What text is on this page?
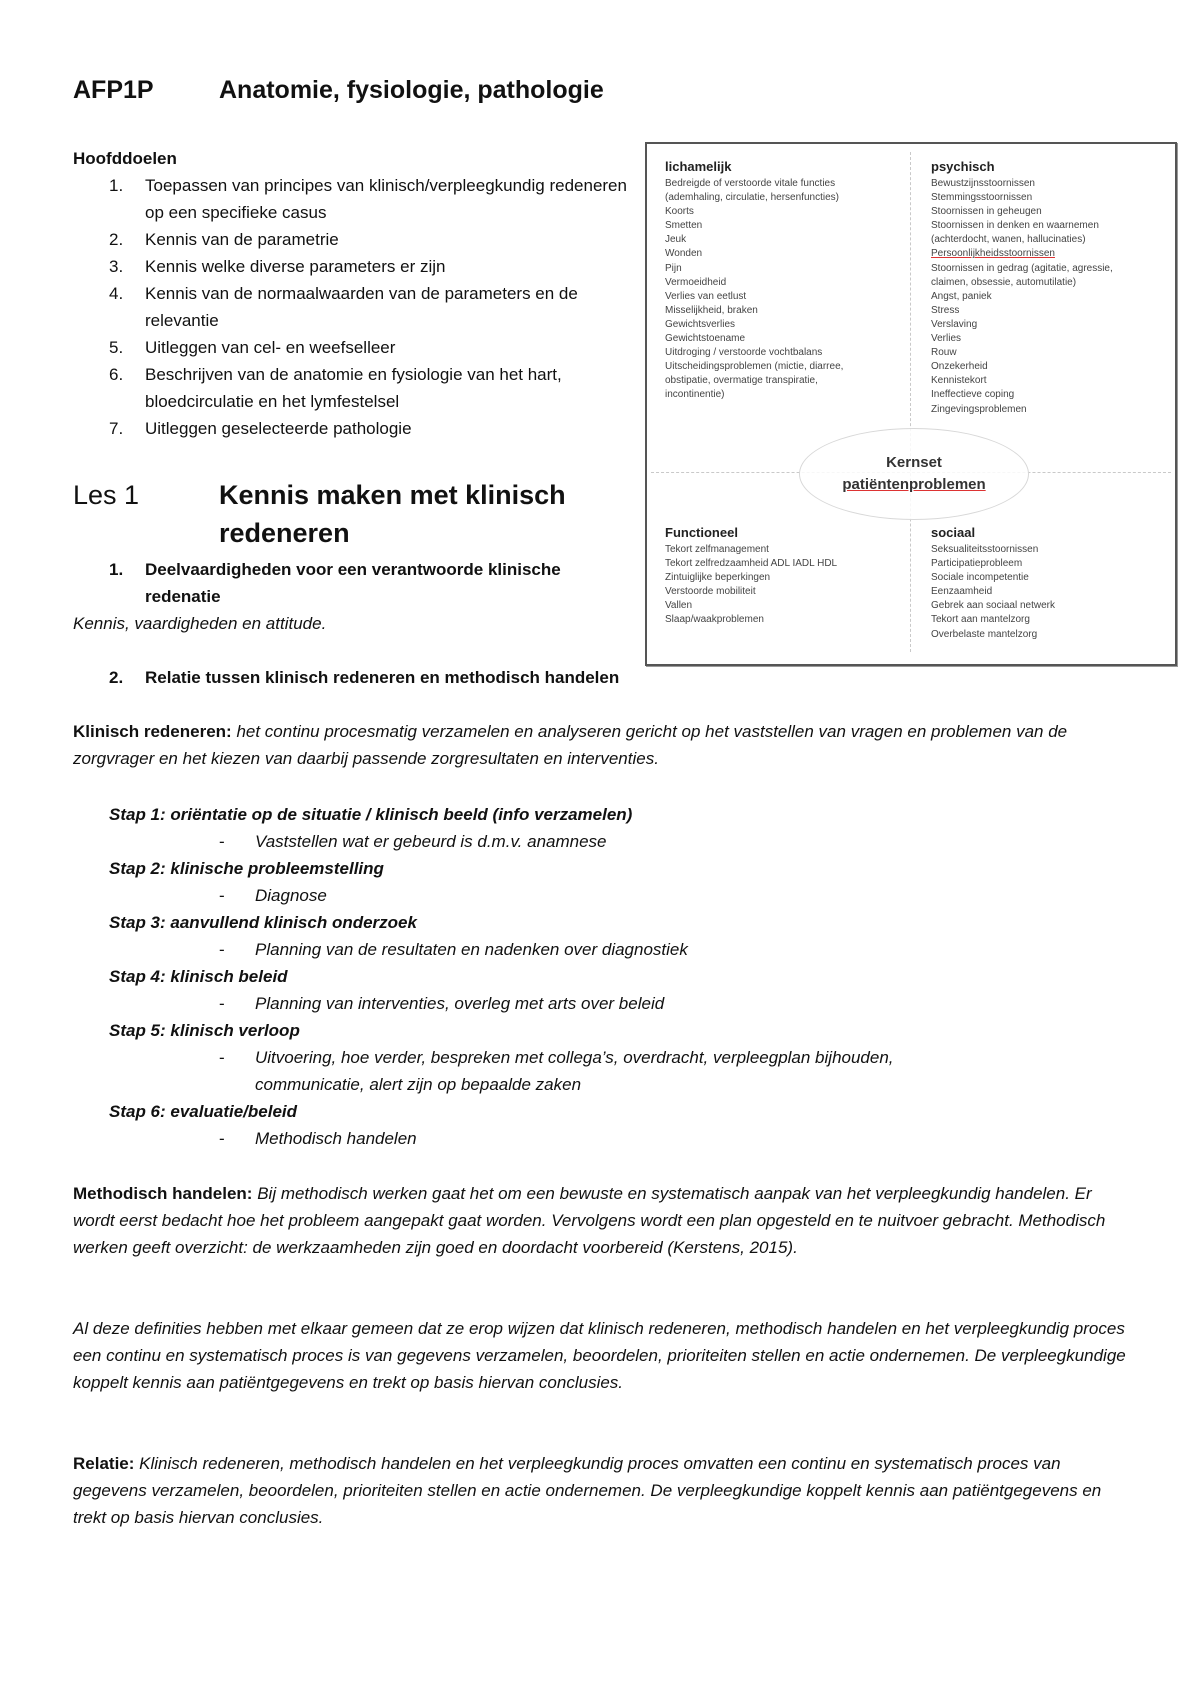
AFP1P	Anatomie, fysiologie, pathologie
Hoofddoelen
1. Toepassen van principes van klinisch/verpleegkundig redeneren op een specifieke casus
2. Kennis van de parametrie
3. Kennis welke diverse parameters er zijn
4. Kennis van de normaalwaarden van de parameters en de relevantie
5. Uitleggen van cel- en weefselleer
6. Beschrijven van de anatomie en fysiologie van het hart, bloedcirculatie en het lymfestelsel
7. Uitleggen geselecteerde pathologie
lichamelijk
Bedreigde of verstoorde vitale functies
(ademhaling, circulatie, hersenfuncties)
Koorts
Smetten
Jeuk
Wonden
Pijn
Vermoeidheid
Verlies van eetlust
Misselijkheid, braken
Gewichtsverlies
Gewichtstoename
Uitdroging / verstoorde vochtbalans
Uitscheidingsproblemen (mictie, diarree,
obstipatie, overmatige transpiratie,
incontinentie)
psychisch
Bewustzijnsstoornissen
Stemmingsstoornissen
Stoornissen in geheugen
Stoornissen in denken en waarnemen
(achterdocht, wanen, hallucinaties)
Persoonlijkheidsstoornissen
Stoornissen in gedrag (agitatie, agressie,
claimen, obsessie, automutilatie)
Angst, paniek
Stress
Verslaving
Verlies
Rouw
Onzekerheid
Kennistekort
Ineffectieve coping
Zingevingsproblemen
Kernset
patiëntenproblemen
Functioneel
Tekort zelfmanagement
Tekort zelfredzaamheid ADL IADL HDL
Zintuiglijke beperkingen
Verstoorde mobiliteit
Vallen
Slaap/waakproblemen
sociaal
Seksualiteitsstoornissen
Participatieprobleem
Sociale incompetentie
Eenzaamheid
Gebrek aan sociaal netwerk
Tekort aan mantelzorg
Overbelaste mantelzorg
Les 1	Kennis maken met klinisch redeneren
1.	Deelvaardigheden voor een verantwoorde klinische redenatie
Kennis, vaardigheden en attitude.
2.	Relatie tussen klinisch redeneren en methodisch handelen
Klinisch redeneren: het continu procesmatig verzamelen en analyseren gericht op het vaststellen van vragen en problemen van de zorgvrager en het kiezen van daarbij passende zorgresultaten en interventies.
Stap 1: oriëntatie op de situatie / klinisch beeld (info verzamelen)
- Vaststellen wat er gebeurd is d.m.v. anamnese
Stap 2: klinische probleemstelling
- Diagnose
Stap 3: aanvullend klinisch onderzoek
- Planning van de resultaten en nadenken over diagnostiek
Stap 4: klinisch beleid
- Planning van interventies, overleg met arts over beleid
Stap 5: klinisch verloop
- Uitvoering, hoe verder, bespreken met collega’s, overdracht, verpleegplan bijhouden, communicatie, alert zijn op bepaalde zaken
Stap 6: evaluatie/beleid
- Methodisch handelen
Methodisch handelen: Bij methodisch werken gaat het om een bewuste en systematisch aanpak van het verpleegkundig handelen. Er wordt eerst bedacht hoe het probleem aangepakt gaat worden. Vervolgens wordt een plan opgesteld en te nuitvoer gebracht. Methodisch werken geeft overzicht: de werkzaamheden zijn goed en doordacht voorbereid (Kerstens, 2015).
Al deze definities hebben met elkaar gemeen dat ze erop wijzen dat klinisch redeneren, methodisch handelen en het verpleegkundig proces een continu en systematisch proces is van gegevens verzamelen, beoordelen, prioriteiten stellen en actie ondernemen. De verpleegkundige koppelt kennis aan patiëntgegevens en trekt op basis hiervan conclusies.
Relatie: Klinisch redeneren, methodisch handelen en het verpleegkundig proces omvatten een continu en systematisch proces van gegevens verzamelen, beoordelen, prioriteiten stellen en actie ondernemen. De verpleegkundige koppelt kennis aan patiëntgegevens en trekt op basis hiervan conclusies.
